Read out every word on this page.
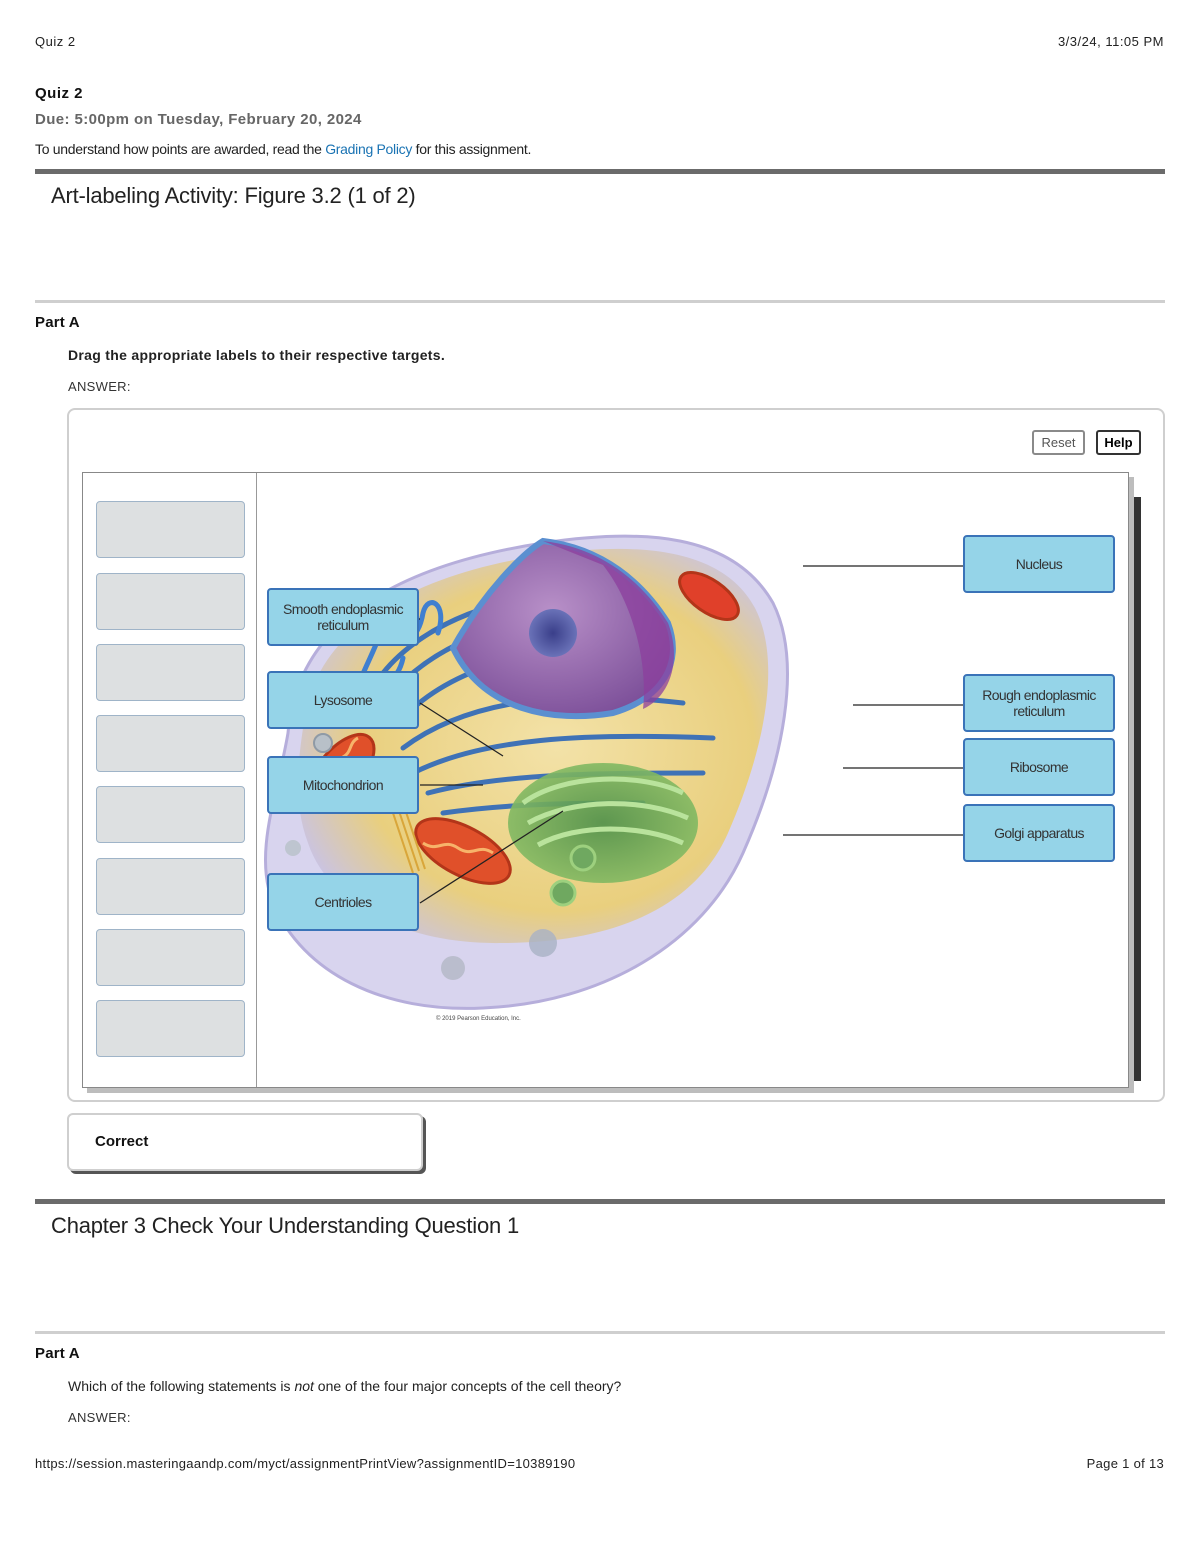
Quiz 2	3/3/24, 11:05 PM
Quiz 2
Due: 5:00pm on Tuesday, February 20, 2024
To understand how points are awarded, read the Grading Policy for this assignment.
Art-labeling Activity: Figure 3.2 (1 of 2)
Part A
Drag the appropriate labels to their respective targets.
ANSWER:
Reset	Help
© 2019 Pearson Education, Inc.
Smooth endoplasmic reticulum
Lysosome
Mitochondrion
Centrioles
Nucleus
Rough endoplasmic reticulum
Ribosome
Golgi apparatus
Correct
Chapter 3 Check Your Understanding Question 1
Part A
Which of the following statements is not one of the four major concepts of the cell theory?
ANSWER:
https://session.masteringaandp.com/myct/assignmentPrintView?assignmentID=10389190	Page 1 of 13
